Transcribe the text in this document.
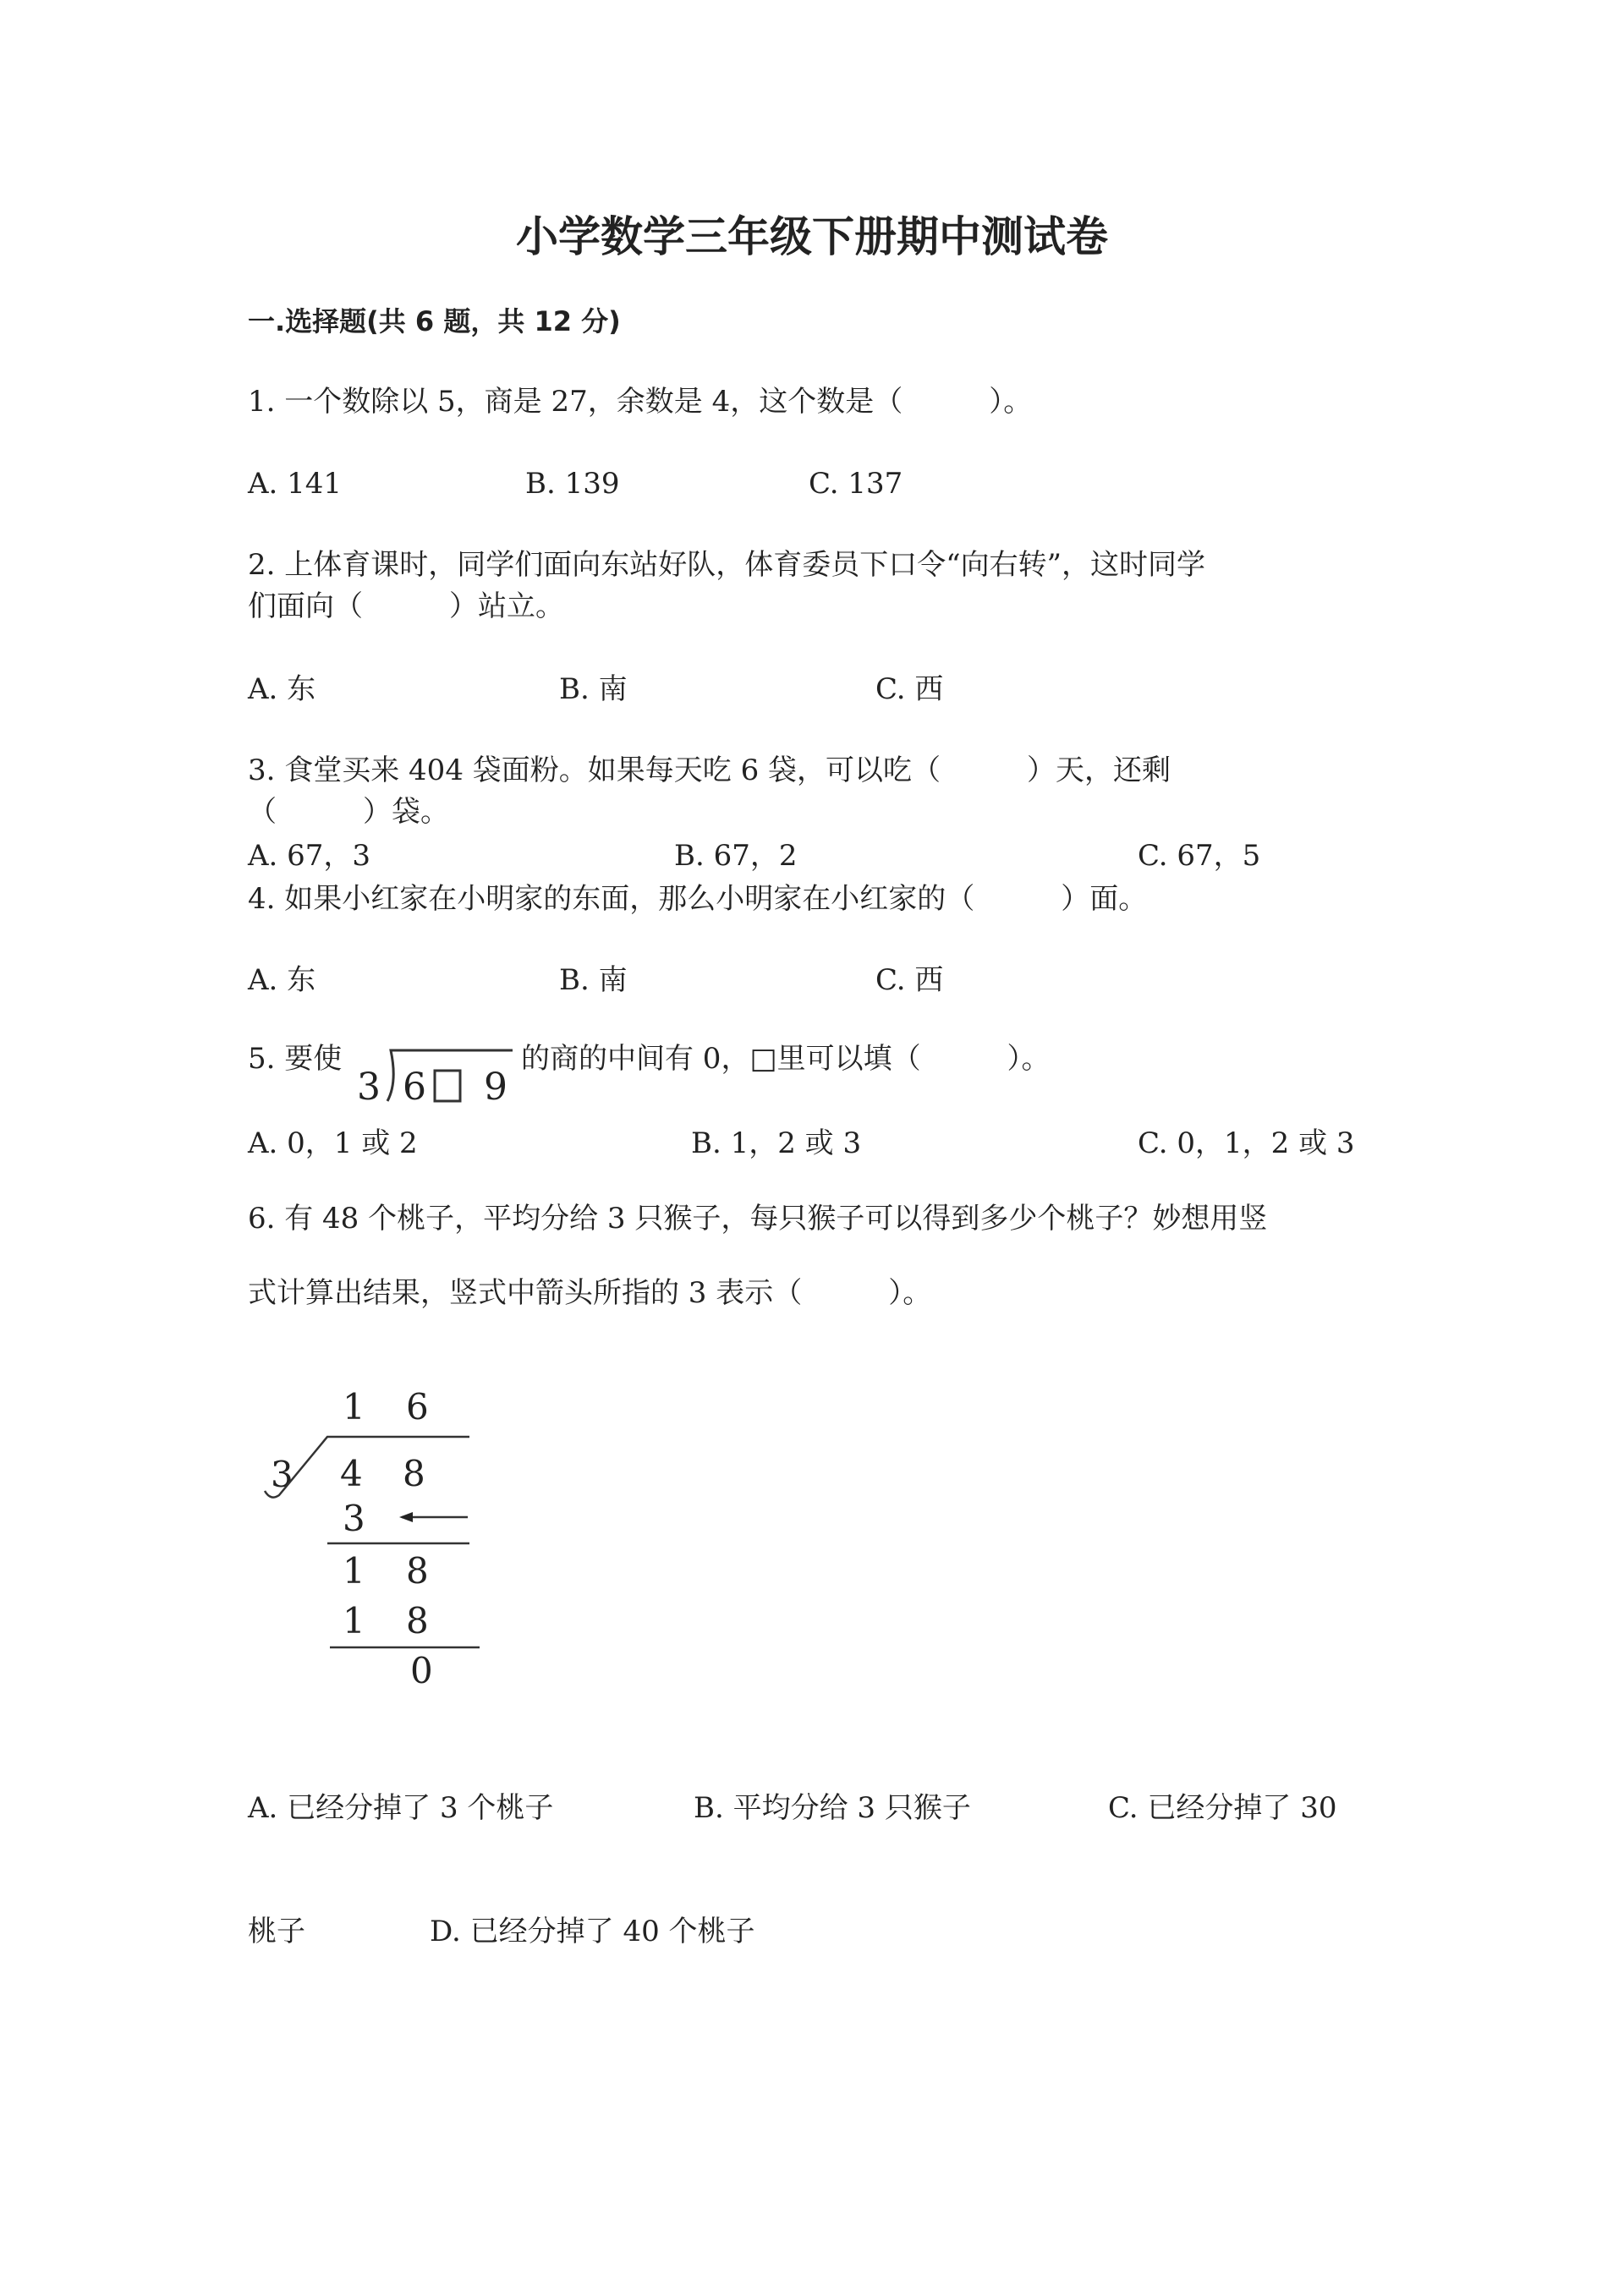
小学数学三年级下册期中测试卷
一.选择题(共 6 题，共 12 分)
1. 一个数除以 5，商是 27，余数是 4，这个数是（　　　）。
A. 141	B. 139	C. 137
2. 上体育课时，同学们面向东站好队，体育委员下口令“向右转”，这时同学
们面向（　　　）站立。
A. 东	B. 南	C. 西
3. 食堂买来 404 袋面粉。如果每天吃 6 袋，可以吃（　　　）天，还剩
（　　　）袋。
A. 67，3	B. 67，2	C. 67，5
4. 如果小红家在小明家的东面，那么小明家在小红家的（　　　）面。
A. 东	B. 南	C. 西
5. 要使
3 6 9
的商的中间有 0，□里可以填（　　　）。
A. 0，1 或 2	B. 1，2 或 3	C. 0，1，2 或 3
6. 有 48 个桃子，平均分给 3 只猴子，每只猴子可以得到多少个桃子？妙想用竖
式计算出结果，竖式中箭头所指的 3 表示（　　　）。
1 6
3 4 8
3
1 8
1 8
0
A. 已经分掉了 3 个桃子	B. 平均分给 3 只猴子	C. 已经分掉了 30
桃子	D. 已经分掉了 40 个桃子
